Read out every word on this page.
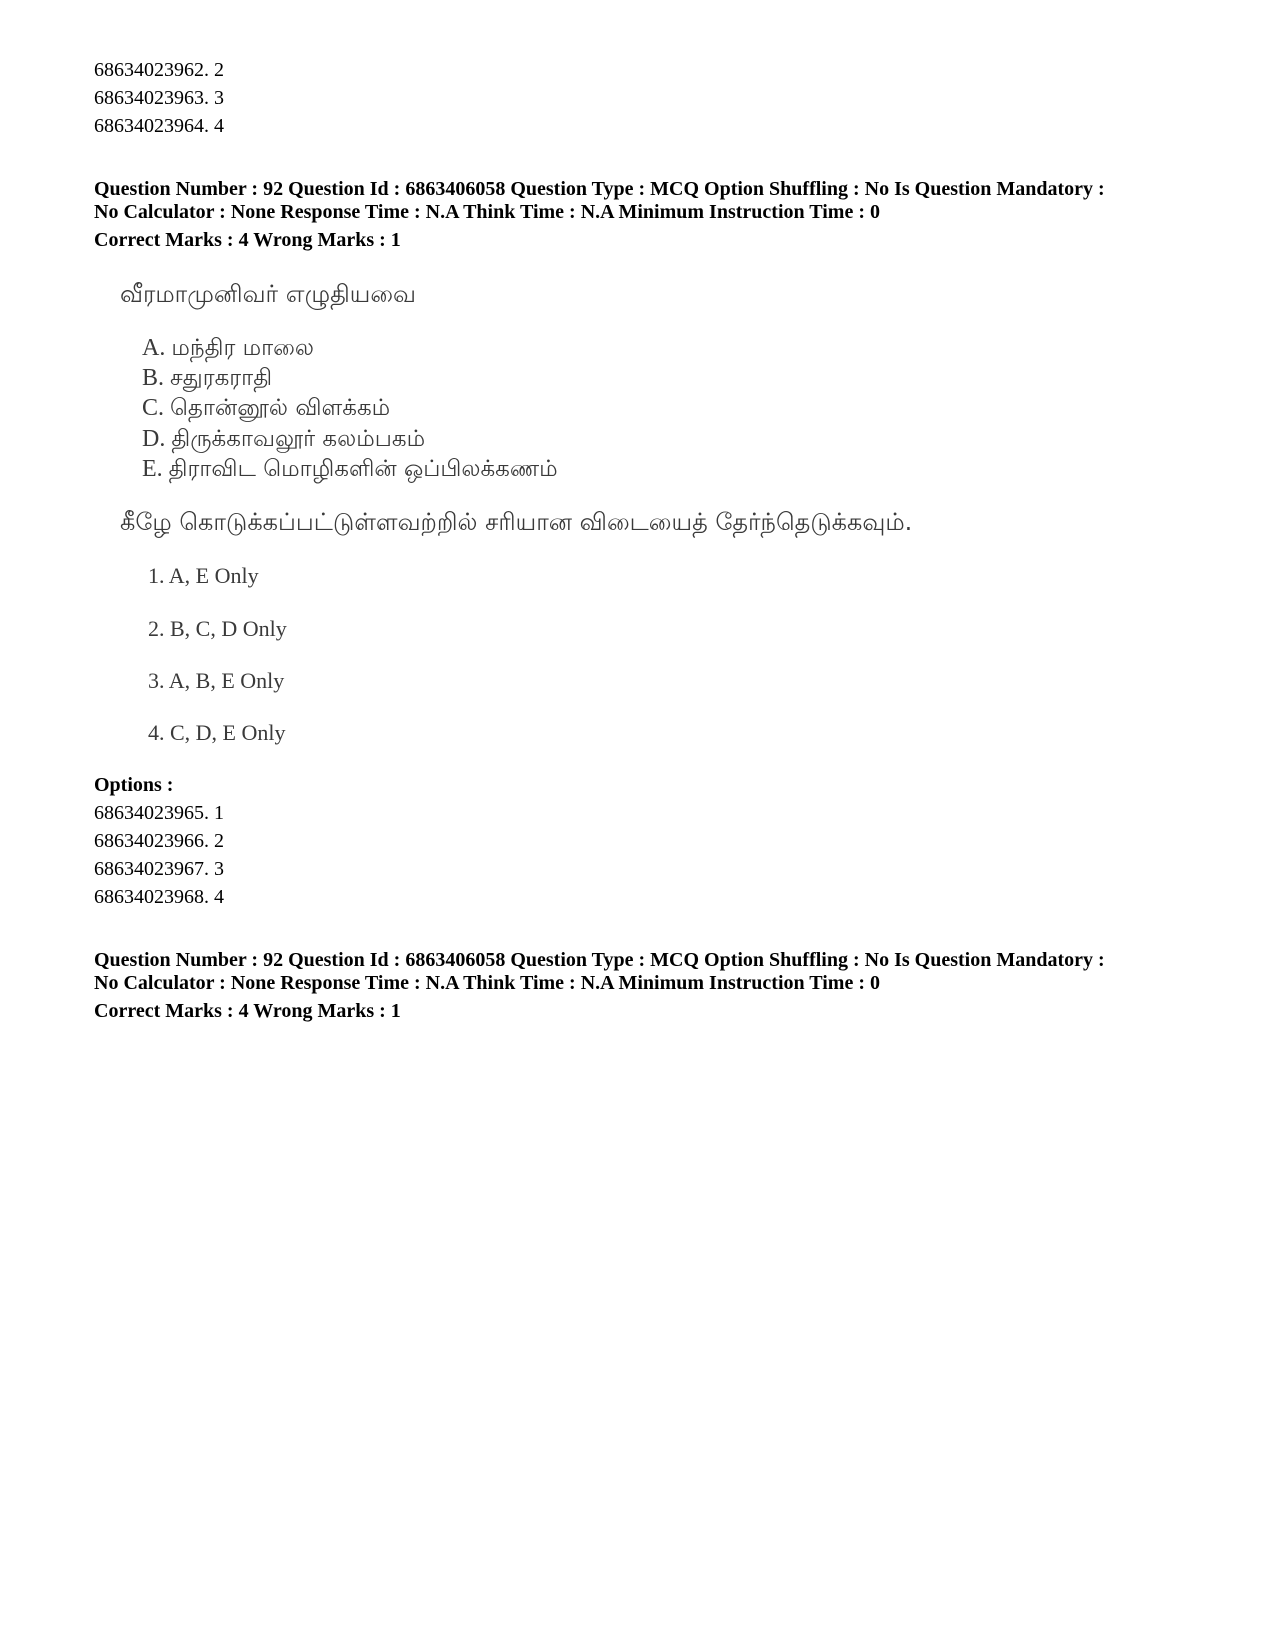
68634023962. 2
68634023963. 3
68634023964. 4
Question Number : 92 Question Id : 6863406058 Question Type : MCQ Option Shuffling : No Is Question Mandatory :
No Calculator : None Response Time : N.A Think Time : N.A Minimum Instruction Time : 0
Correct Marks : 4 Wrong Marks : 1
வீரமாமுனிவர் எழுதியவை
A. மந்திர மாலை
B. சதுரகராதி
C. தொன்னூல் விளக்கம்
D. திருக்காவலூர் கலம்பகம்
E. திராவிட மொழிகளின் ஒப்பிலக்கணம்
கீழே கொடுக்கப்பட்டுள்ளவற்றில் சரியான விடையைத் தேர்ந்தெடுக்கவும்.
1. A, E Only
2. B, C, D Only
3. A, B, E Only
4. C, D, E Only
Options :
68634023965. 1
68634023966. 2
68634023967. 3
68634023968. 4
Question Number : 92 Question Id : 6863406058 Question Type : MCQ Option Shuffling : No Is Question Mandatory :
No Calculator : None Response Time : N.A Think Time : N.A Minimum Instruction Time : 0
Correct Marks : 4 Wrong Marks : 1
